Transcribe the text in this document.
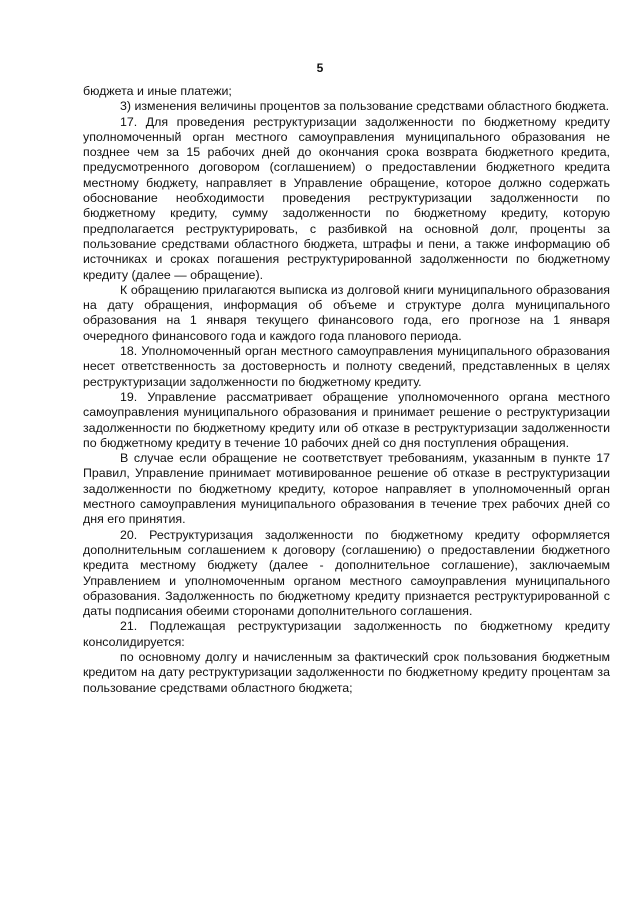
5

бюджета и иные платежи;

3) изменения величины процентов за пользование средствами областного бюджета.

17. Для проведения реструктуризации задолженности по бюджетному кредиту уполномоченный орган местного самоуправления муниципального образования не позднее чем за 15 рабочих дней до окончания срока возврата бюджетного кредита, предусмотренного договором (соглашением) о предоставлении бюджетного кредита местному бюджету, направляет в Управление обращение, которое должно содержать обоснование необходимости проведения реструктуризации задолженности по бюджетному кредиту, сумму задолженности по бюджетному кредиту, которую предполагается реструктурировать, с разбивкой на основной долг, проценты за пользование средствами областного бюджета, штрафы и пени, а также информацию об источниках и сроках погашения реструктурированной задолженности по бюджетному кредиту (далее — обращение).

К обращению прилагаются выписка из долговой книги муниципального образования на дату обращения, информация об объеме и структуре долга муниципального образования на 1 января текущего финансового года, его прогнозе на 1 января очередного финансового года и каждого года планового периода.

18. Уполномоченный орган местного самоуправления муниципального образования несет ответственность за достоверность и полноту сведений, представленных в целях реструктуризации задолженности по бюджетному кредиту.

19. Управление рассматривает обращение уполномоченного органа местного самоуправления муниципального образования и принимает решение о реструктуризации задолженности по бюджетному кредиту или об отказе в реструктуризации задолженности по бюджетному кредиту в течение 10 рабочих дней со дня поступления обращения.

В случае если обращение не соответствует требованиям, указанным в пункте 17 Правил, Управление принимает мотивированное решение об отказе в реструктуризации задолженности по бюджетному кредиту, которое направляет в уполномоченный орган местного самоуправления муниципального образования в течение трех рабочих дней со дня его принятия.

20. Реструктуризация задолженности по бюджетному кредиту оформляется дополнительным соглашением к договору (соглашению) о предоставлении бюджетного кредита местному бюджету (далее - дополнительное соглашение), заключаемым Управлением и уполномоченным органом местного самоуправления муниципального образования. Задолженность по бюджетному кредиту признается реструктурированной с даты подписания обеими сторонами дополнительного соглашения.

21. Подлежащая реструктуризации задолженность по бюджетному кредиту консолидируется:

по основному долгу и начисленным за фактический срок пользования бюджетным кредитом на дату реструктуризации задолженности по бюджетному кредиту процентам за пользование средствами областного бюджета;
